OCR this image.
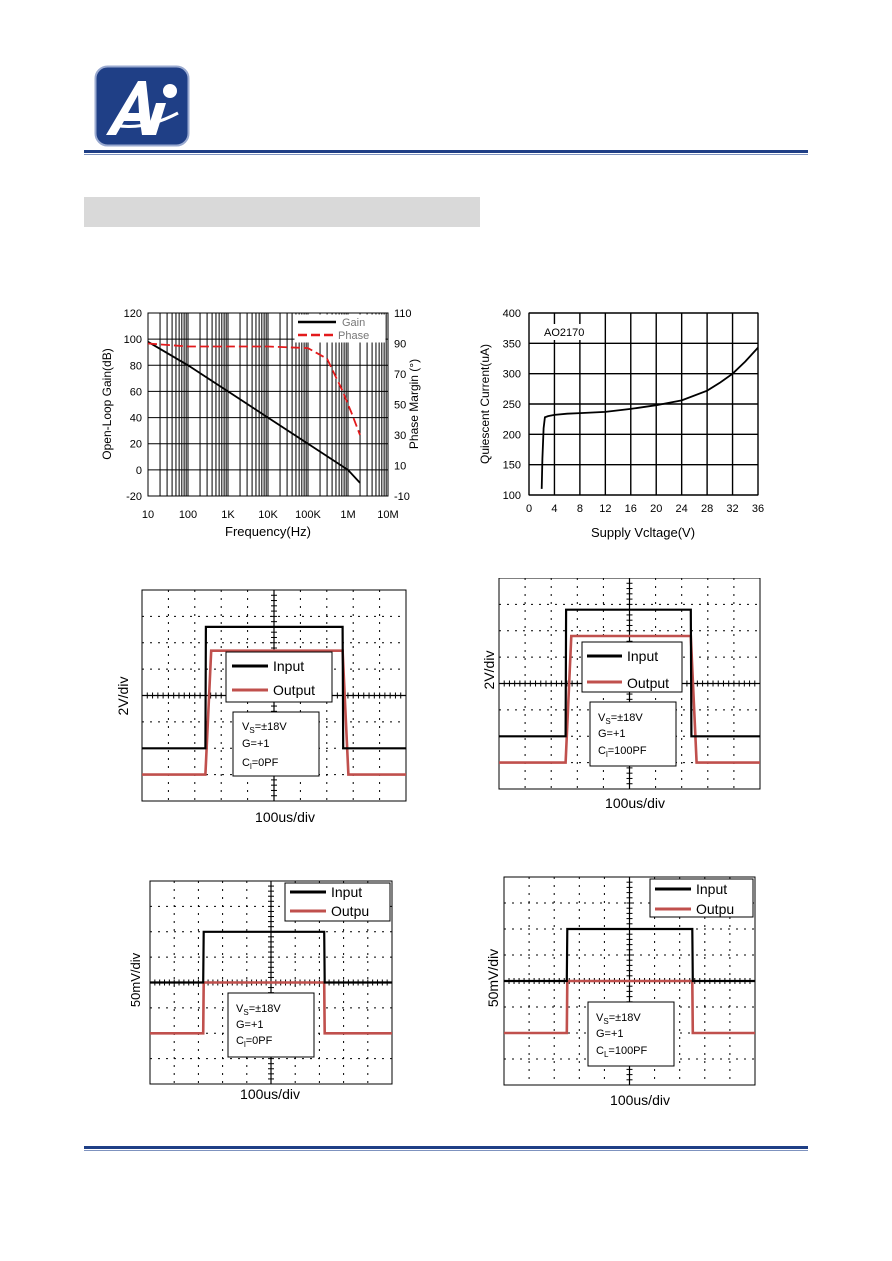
120
100
80
60
40
20
0
-20
110
90
70
50
30
10
-10
10 100 1K 10K 100K 1M 10M
Frequency(Hz)
Open-Loop Gain(dB)	Phase Margin (°)
Gain
Phase
400
350
300
250
200
150
100
0 4 8 12 16 20 24 28 32 36
AO2170
Supply Vcltage(V)
Quiescent Current(uA)
Input
Output
$V_S=\pm 18V$
G=+1
$C_l=0PF$
2V/div
100us/div
Input
Output
$V_S=\pm 18V$
G=+1
$C_l=100PF$
2V/div
100us/div
Input
Outpu
$V_S=\pm 18V$
G=+1
$C_l=0PF$
50mV/div
100us/div
Input
Outpu
$V_S=\pm 18V$
G=+1
$C_L=100PF$
50mV/div
100us/div
